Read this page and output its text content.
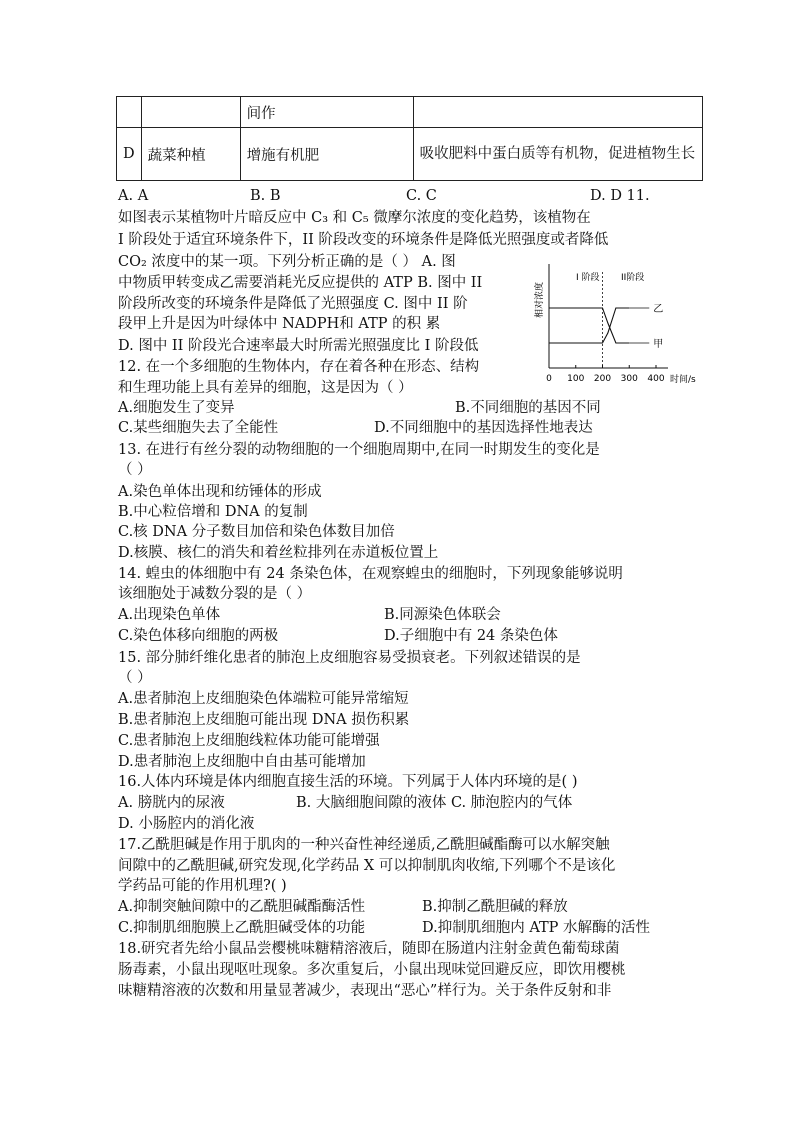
		间作	
D	蔬菜种植	增施有机肥	吸收肥料中蛋白质等有机物，促进植物生长
A. A	B. B	C. C	D. D 11.
如图表示某植物叶片暗反应中 C₃ 和 C₅ 微摩尔浓度的变化趋势，该植物在
I 阶段处于适宜环境条件下，II 阶段改变的环境条件是降低光照强度或者降低
CO₂ 浓度中的某一项。下列分析正确的是（ ） A. 图
中物质甲转变成乙需要消耗光反应提供的 ATP B. 图中 II
阶段所改变的环境条件是降低了光照强度 C. 图中 II 阶
段甲上升是因为叶绿体中 NADPH和 ATP 的积 累
D. 图中 II 阶段光合速率最大时所需光照强度比 I 阶段低
相对浓度
I 阶段 II阶段
甲
乙
0 100 200 300 400 时间/s
12. 在一个多细胞的生物体内，存在着各种在形态、结构
和生理功能上具有差异的细胞，这是因为（ ）
A.细胞发生了变异	B.不同细胞的基因不同
C.某些细胞失去了全能性	D.不同细胞中的基因选择性地表达
13. 在进行有丝分裂的动物细胞的一个细胞周期中,在同一时期发生的变化是
（ ）
A.染色单体出现和纺锤体的形成
B.中心粒倍增和 DNA 的复制
C.核 DNA 分子数目加倍和染色体数目加倍
D.核膜、核仁的消失和着丝粒排列在赤道板位置上
14. 蝗虫的体细胞中有 24 条染色体，在观察蝗虫的细胞时，下列现象能够说明
该细胞处于减数分裂的是（ ）
A.出现染色单体	B.同源染色体联会
C.染色体移向细胞的两极	D.子细胞中有 24 条染色体
15. 部分肺纤维化患者的肺泡上皮细胞容易受损衰老。下列叙述错误的是
（ ）
A.患者肺泡上皮细胞染色体端粒可能异常缩短
B.患者肺泡上皮细胞可能出现 DNA 损伤积累
C.患者肺泡上皮细胞线粒体功能可能增强
D.患者肺泡上皮细胞中自由基可能增加
16.人体内环境是体内细胞直接生活的环境。下列属于人体内环境的是( )
A. 膀胱内的尿液	B. 大脑细胞间隙的液体 C. 肺泡腔内的气体
D. 小肠腔内的消化液
17.乙酰胆碱是作用于肌肉的一种兴奋性神经递质,乙酰胆碱酯酶可以水解突触
间隙中的乙酰胆碱,研究发现,化学药品 X 可以抑制肌肉收缩,下列哪个不是该化
学药品可能的作用机理?( )
A.抑制突触间隙中的乙酰胆碱酯酶活性	B.抑制乙酰胆碱的释放
C.抑制肌细胞膜上乙酰胆碱受体的功能	D.抑制肌细胞内 ATP 水解酶的活性
18.研究者先给小鼠品尝樱桃味糖精溶液后，随即在肠道内注射金黄色葡萄球菌
肠毒素，小鼠出现呕吐现象。多次重复后，小鼠出现味觉回避反应，即饮用樱桃
味糖精溶液的次数和用量显著减少，表现出“恶心”样行为。关于条件反射和非
